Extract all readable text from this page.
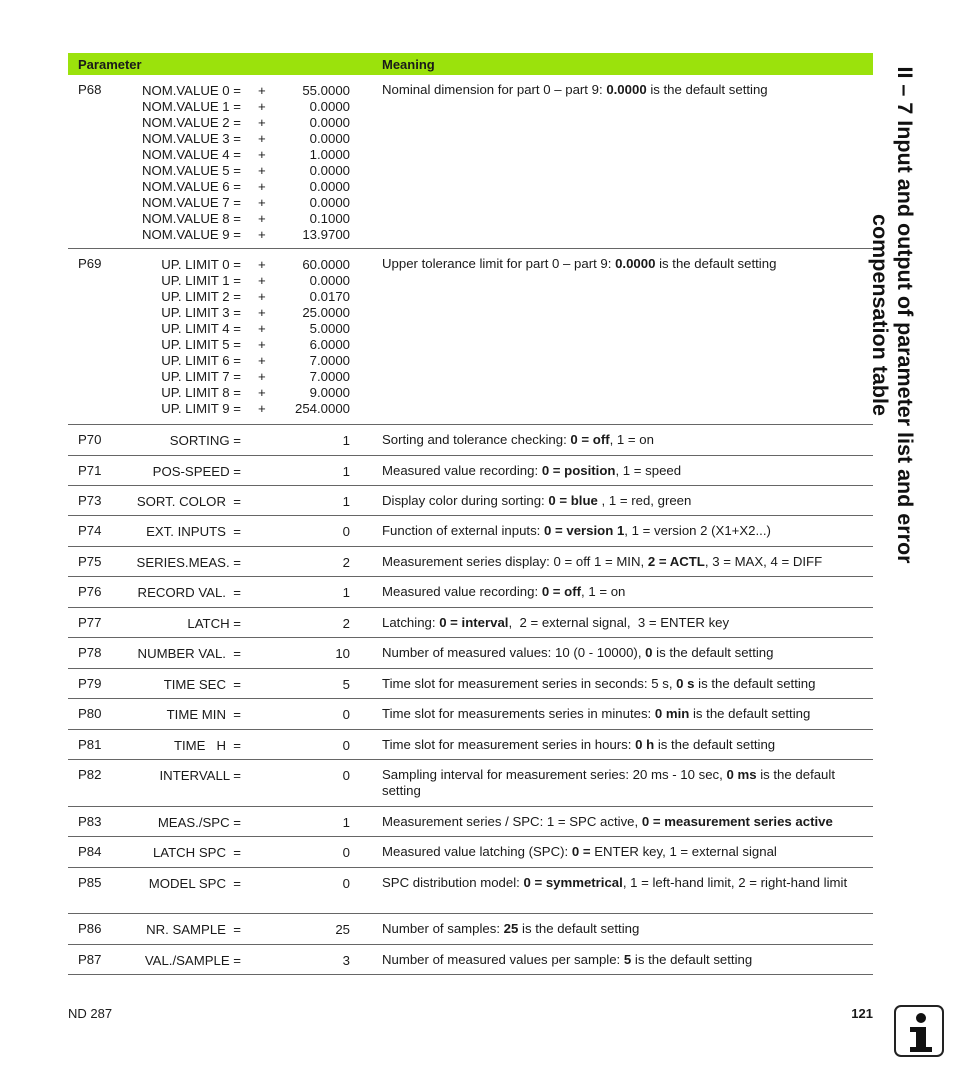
Parameter	Meaning
P68	NOM.VALUE 0 = +	55.0000
NOM.VALUE 1 = +	0.0000
NOM.VALUE 2 = +	0.0000
NOM.VALUE 3 = +	0.0000
NOM.VALUE 4 = +	1.0000
NOM.VALUE 5 = +	0.0000
NOM.VALUE 6 = +	0.0000
NOM.VALUE 7 = +	0.0000
NOM.VALUE 8 = +	0.1000
NOM.VALUE 9 = +	13.9700
Nominal dimension for part 0 – part 9: 0.0000 is the default setting
P69	UP. LIMIT 0 = +	60.0000
UP. LIMIT 1 = +	0.0000
UP. LIMIT 2 = +	0.0170
UP. LIMIT 3 = +	25.0000
UP. LIMIT 4 = +	5.0000
UP. LIMIT 5 = +	6.0000
UP. LIMIT 6 = +	7.0000
UP. LIMIT 7 = +	7.0000
UP. LIMIT 8 = +	9.0000
UP. LIMIT 9 = + 254.0000
Upper tolerance limit for part 0 – part 9: 0.0000 is the default setting
P70	SORTING =	1 Sorting and tolerance checking: 0 = off, 1 = on
P71	POS-SPEED =	1 Measured value recording: 0 = position, 1 = speed
P73	SORT. COLOR  =	1 Display color during sorting: 0 = blue , 1 = red, green
P74	EXT. INPUTS  =	0 Function of external inputs: 0 = version 1, 1 = version 2 (X1+X2...)
P75	SERIES.MEAS. =	2 Measurement series display: 0 = off 1 = MIN, 2 = ACTL, 3 = MAX, 4 = DIFF
P76	RECORD VAL.  =	1 Measured value recording: 0 = off, 1 = on
P77	LATCH =	2 Latching: 0 = interval,  2 = external signal,  3 = ENTER key
P78	NUMBER VAL.  =	10 Number of measured values: 10 (0 - 10000), 0 is the default setting
P79	TIME SEC  =	5 Time slot for measurement series in seconds: 5 s, 0 s is the default setting
P80	TIME MIN  =	0 Time slot for measurements series in minutes: 0 min is the default setting
P81	TIME   H  =	0 Time slot for measurement series in hours: 0 h is the default setting
P82	INTERVALL =	0 Sampling interval for measurement series: 20 ms - 10 sec, 0 ms is the default setting
P83	MEAS./SPC =	1 Measurement series / SPC: 1 = SPC active, 0 = measurement series active
P84	LATCH SPC  =	0 Measured value latching (SPC): 0 = ENTER key, 1 = external signal
P85	MODEL SPC  =	0 SPC distribution model: 0 = symmetrical, 1 = left-hand limit, 2 = right-hand limit
P86	NR. SAMPLE  =	25 Number of samples: 25 is the default setting
P87	VAL./SAMPLE =	3 Number of measured values per sample: 5 is the default setting
II – 7 Input and output of parameter list and error
compensation table
ND 287	121
